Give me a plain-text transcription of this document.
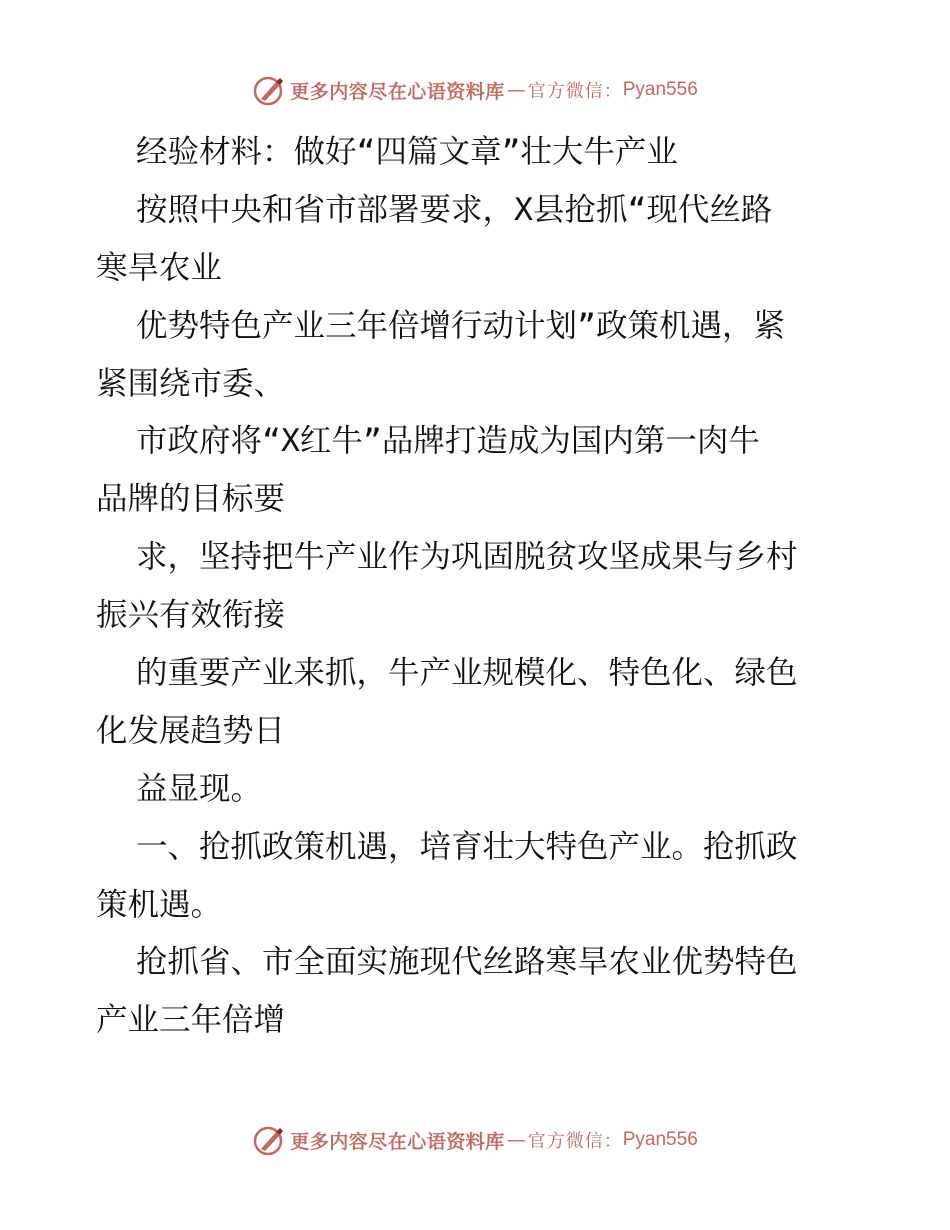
更多内容尽在心语资料库 — 官方微信： Pyan556
经验材料：做好“四篇文章”壮大牛产业
按照中央和省市部署要求，X县抢抓“现代丝路
寒旱农业
优势特色产业三年倍增行动计划”政策机遇，紧
紧围绕市委、
市政府将“X红牛”品牌打造成为国内第一肉牛
品牌的目标要
求，坚持把牛产业作为巩固脱贫攻坚成果与乡村
振兴有效衔接
的重要产业来抓，牛产业规模化、特色化、绿色
化发展趋势日
益显现。
一、抢抓政策机遇，培育壮大特色产业。抢抓政
策机遇。
抢抓省、市全面实施现代丝路寒旱农业优势特色
产业三年倍增
更多内容尽在心语资料库 — 官方微信： Pyan556
